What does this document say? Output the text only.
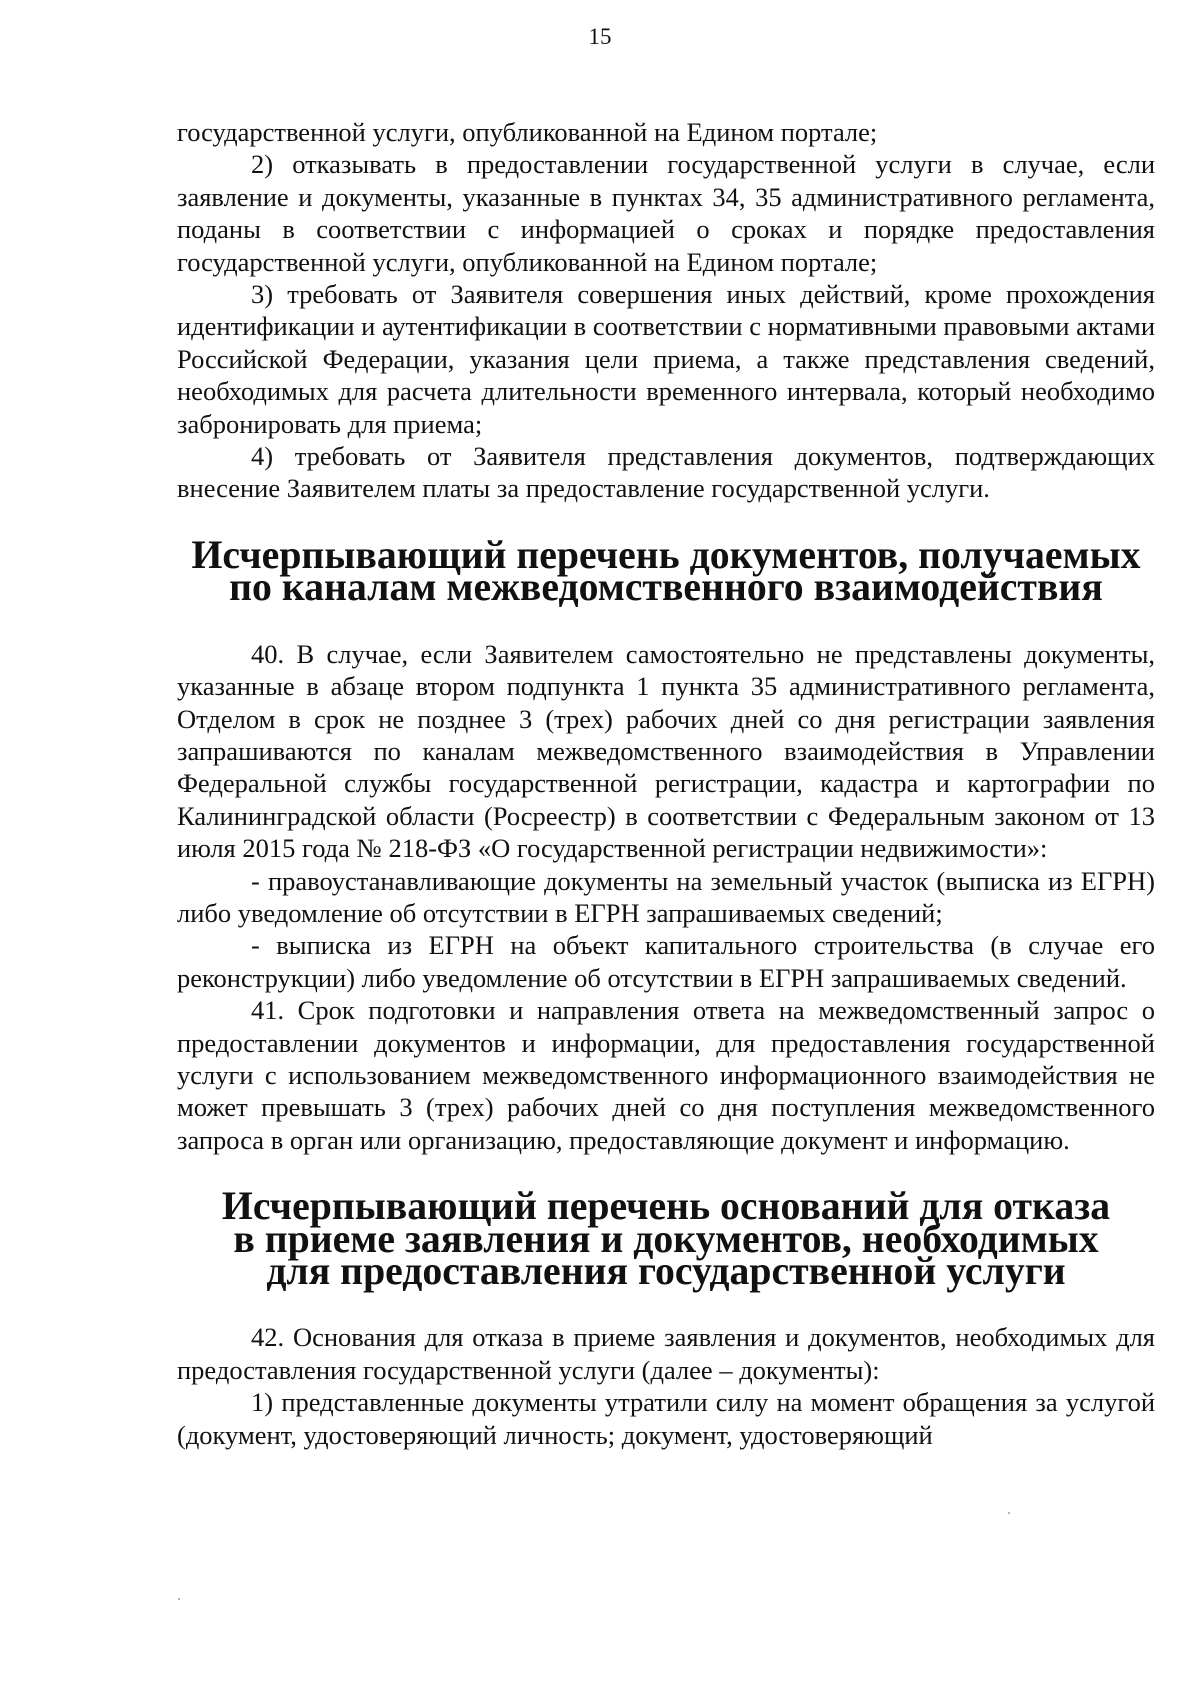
15

государственной услуги, опубликованной на Едином портале;

2) отказывать в предоставлении государственной услуги в случае, если заявление и документы, указанные в пунктах 34, 35 административного регламента, поданы в соответствии с информацией о сроках и порядке предоставления государственной услуги, опубликованной на Едином портале;

3) требовать от Заявителя совершения иных действий, кроме прохождения идентификации и аутентификации в соответствии с нормативными правовыми актами Российской Федерации, указания цели приема, а также представления сведений, необходимых для расчета длительности временного интервала, который необходимо забронировать для приема;

4) требовать от Заявителя представления документов, подтверждающих внесение Заявителем платы за предоставление государственной услуги.

Исчерпывающий перечень документов, получаемых
по каналам межведомственного взаимодействия

40. В случае, если Заявителем самостоятельно не представлены документы, указанные в абзаце втором подпункта 1 пункта 35 административного регламента, Отделом в срок не позднее 3 (трех) рабочих дней со дня регистрации заявления запрашиваются по каналам межведомственного взаимодействия в Управлении Федеральной службы государственной регистрации, кадастра и картографии по Калининградской области (Росреестр) в соответствии с Федеральным законом от 13 июля 2015 года № 218-ФЗ «О государственной регистрации недвижимости»:

- правоустанавливающие документы на земельный участок (выписка из ЕГРН) либо уведомление об отсутствии в ЕГРН запрашиваемых сведений;

- выписка из ЕГРН на объект капитального строительства (в случае его реконструкции) либо уведомление об отсутствии в ЕГРН запрашиваемых сведений.

41. Срок подготовки и направления ответа на межведомственный запрос о предоставлении документов и информации, для предоставления государственной услуги с использованием межведомственного информационного взаимодействия не может превышать 3 (трех) рабочих дней со дня поступления межведомственного запроса в орган или организацию, предоставляющие документ и информацию.

Исчерпывающий перечень оснований для отказа
в приеме заявления и документов, необходимых
для предоставления государственной услуги

42. Основания для отказа в приеме заявления и документов, необходимых для предоставления государственной услуги (далее – документы):

1) представленные документы утратили силу на момент обращения за услугой (документ, удостоверяющий личность; документ, удостоверяющий
